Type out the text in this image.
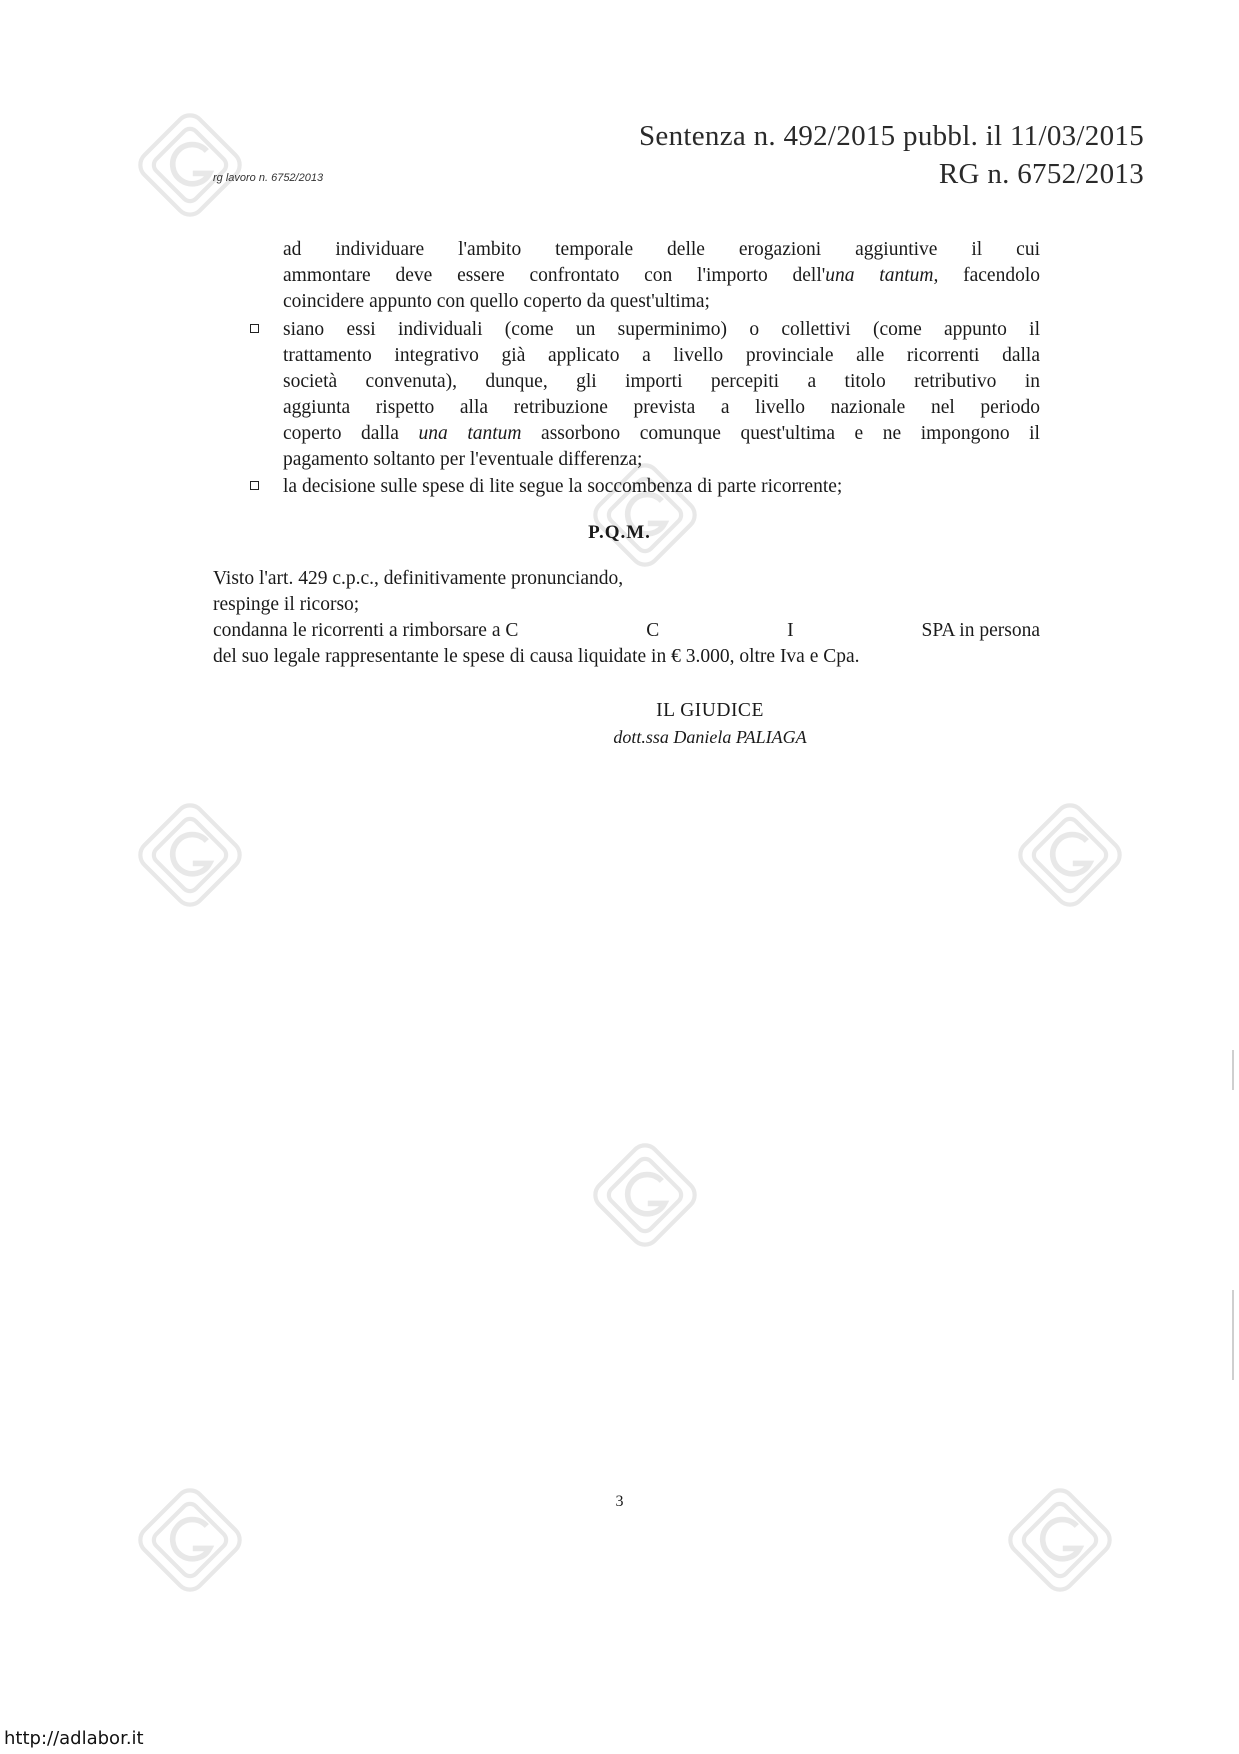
Sentenza n. 492/2015 pubbl. il 11/03/2015
RG n. 6752/2013
rg lavoro n. 6752/2013
ad individuare l'ambito temporale delle erogazioni aggiuntive il cui
ammontare deve essere confrontato con l'importo dell'una tantum, facendolo
coincidere appunto con quello coperto da quest'ultima;
siano essi individuali (come un superminimo) o collettivi (come appunto il
trattamento integrativo già applicato a livello provinciale alle ricorrenti dalla
società convenuta), dunque, gli importi percepiti a titolo retributivo in
aggiunta rispetto alla retribuzione prevista a livello nazionale nel periodo
coperto dalla una tantum assorbono comunque quest'ultima e ne impongono il
pagamento soltanto per l'eventuale differenza;
la decisione sulle spese di lite segue la soccombenza di parte ricorrente;
P.Q.M.
Visto l'art. 429 c.p.c., definitivamente pronunciando,
respinge il ricorso;
condanna le ricorrenti a rimborsare a C	C	I	SPA in persona
del suo legale rappresentante le spese di causa liquidate in € 3.000, oltre Iva e Cpa.
IL GIUDICE
dott.ssa Daniela PALIAGA
3
http://adlabor.it
